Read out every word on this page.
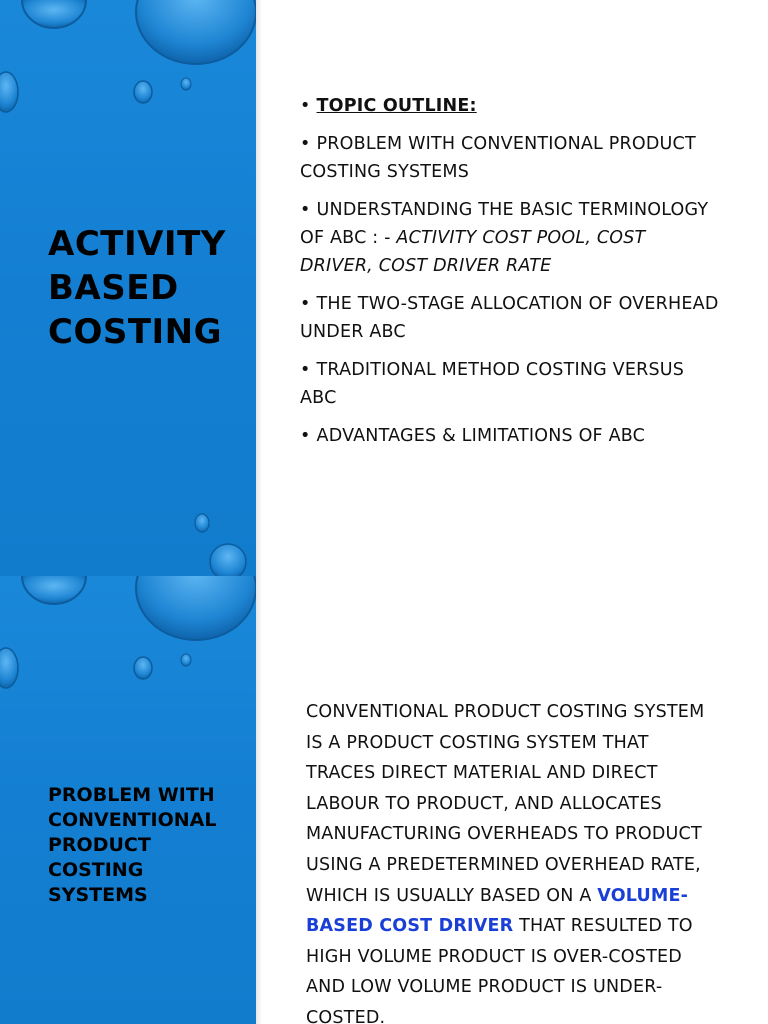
ACTIVITY
BASED
COSTING
• TOPIC OUTLINE:
• PROBLEM WITH CONVENTIONAL PRODUCT COSTING SYSTEMS
• UNDERSTANDING THE BASIC TERMINOLOGY OF ABC : - ACTIVITY COST POOL, COST DRIVER, COST DRIVER RATE
• THE TWO-STAGE ALLOCATION OF OVERHEAD UNDER ABC
• TRADITIONAL METHOD COSTING VERSUS ABC
• ADVANTAGES & LIMITATIONS OF ABC
PROBLEM WITH
CONVENTIONAL
PRODUCT
COSTING
SYSTEMS
CONVENTIONAL PRODUCT COSTING SYSTEM IS A PRODUCT COSTING SYSTEM THAT TRACES DIRECT MATERIAL AND DIRECT LABOUR TO PRODUCT, AND ALLOCATES MANUFACTURING OVERHEADS TO PRODUCT USING A PREDETERMINED OVERHEAD RATE, WHICH IS USUALLY BASED ON A VOLUME-BASED COST DRIVER THAT RESULTED TO HIGH VOLUME PRODUCT IS OVER-COSTED AND LOW VOLUME PRODUCT IS UNDER-COSTED.
